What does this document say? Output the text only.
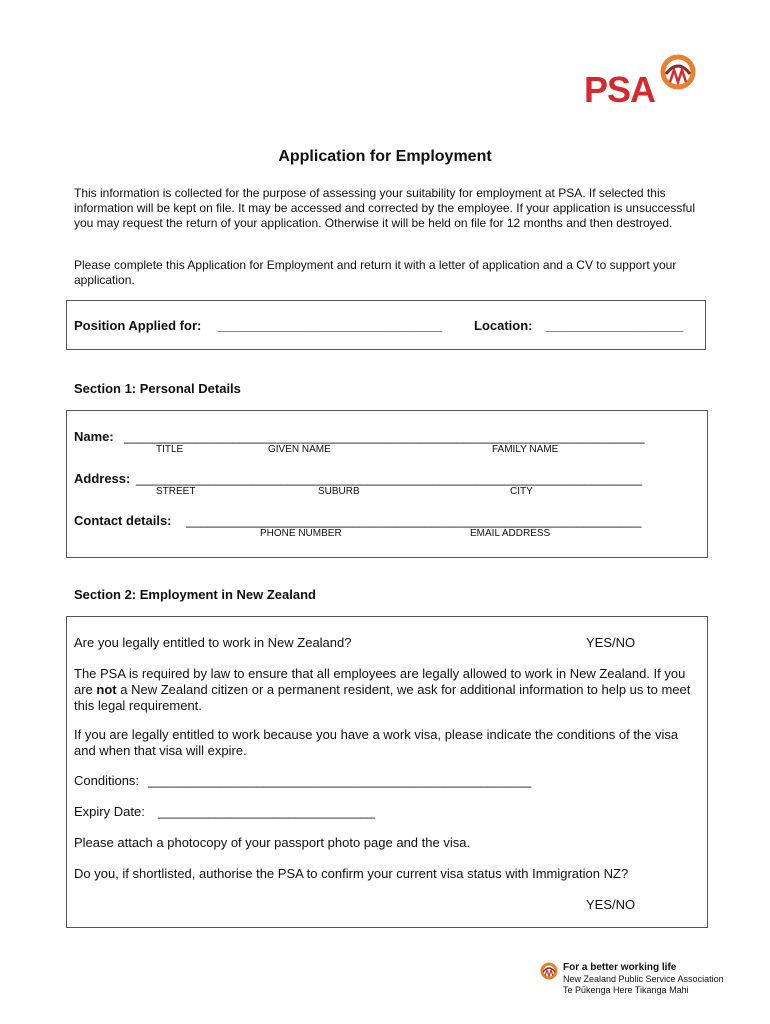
PSA
Application for Employment
This information is collected for the purpose of assessing your suitability for employment at PSA. If selected this information will be kept on file. It may be accessed and corrected by the employee. If your application is unsuccessful you may request the return of your application. Otherwise it will be held on file for 12 months and then destroyed.
Please complete this Application for Employment and return it with a letter of application and a CV to support your application.
Position Applied for: _______________________________ Location: ___________________
Section 1: Personal Details
Name: ________________________________________________________________________
TITLE	GIVEN NAME	FAMILY NAME
Address: ______________________________________________________________________
STREET	SUBURB	CITY
Contact details: _______________________________________________________________
PHONE NUMBER	EMAIL ADDRESS
Section 2: Employment in New Zealand
Are you legally entitled to work in New Zealand?	YES/NO
The PSA is required by law to ensure that all employees are legally allowed to work in New Zealand. If you are not a New Zealand citizen or a permanent resident, we ask for additional information to help us to meet this legal requirement.
If you are legally entitled to work because you have a work visa, please indicate the conditions of the visa and when that visa will expire.
Conditions: _____________________________________________________
Expiry Date: ______________________________
Please attach a photocopy of your passport photo page and the visa.
Do you, if shortlisted, authorise the PSA to confirm your current visa status with Immigration NZ?
YES/NO
For a better working life
New Zealand Public Service Association
Te Pūkenga Here Tikanga Mahi
